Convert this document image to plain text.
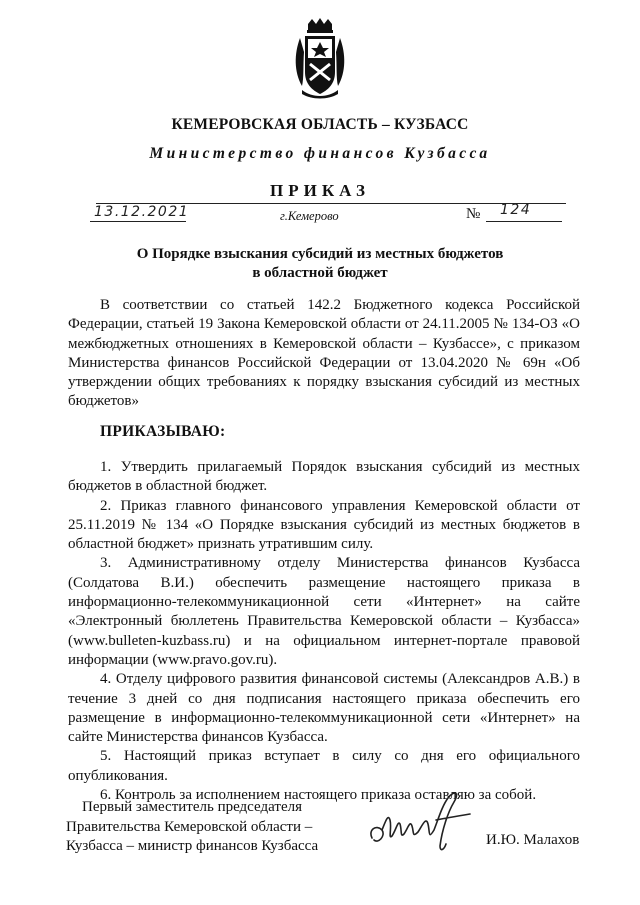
КЕМЕРОВСКАЯ ОБЛАСТЬ – КУЗБАСС
Министерство финансов Кузбасса
ПРИКАЗ
13.12.2021	г.Кемерово	№ 124
О Порядке взыскания субсидий из местных бюджетов
в областной бюджет

В соответствии со статьей 142.2 Бюджетного кодекса Российской Федерации, статьей 19 Закона Кемеровской области от 24.11.2005 № 134-ОЗ «О межбюджетных отношениях в Кемеровской области – Кузбассе», с приказом Министерства финансов Российской Федерации от 13.04.2020 № 69н «Об утверждении общих требованиях к порядку взыскания субсидий из местных бюджетов»

ПРИКАЗЫВАЮ:

1. Утвердить прилагаемый Порядок взыскания субсидий из местных бюджетов в областной бюджет.

2. Приказ главного финансового управления Кемеровской области от 25.11.2019 № 134 «О Порядке взыскания субсидий из местных бюджетов в областной бюджет» признать утратившим силу.

3. Административному отделу Министерства финансов Кузбасса (Солдатова В.И.) обеспечить размещение настоящего приказа в информационно-телекоммуникационной сети «Интернет» на сайте «Электронный бюллетень Правительства Кемеровской области – Кузбасса» (www.bulleten-kuzbass.ru) и на официальном интернет-портале правовой информации (www.pravo.gov.ru).

4. Отделу цифрового развития финансовой системы (Александров А.В.) в течение 3 дней со дня подписания настоящего приказа обеспечить его размещение в информационно-телекоммуникационной сети «Интернет» на сайте Министерства финансов Кузбасса.

5. Настоящий приказ вступает в силу со дня его официального опубликования.

6. Контроль за исполнением настоящего приказа оставляю за собой.

Первый заместитель председателя
Правительства Кемеровской области –
Кузбасса – министр финансов Кузбасса	И.Ю. Малахов
